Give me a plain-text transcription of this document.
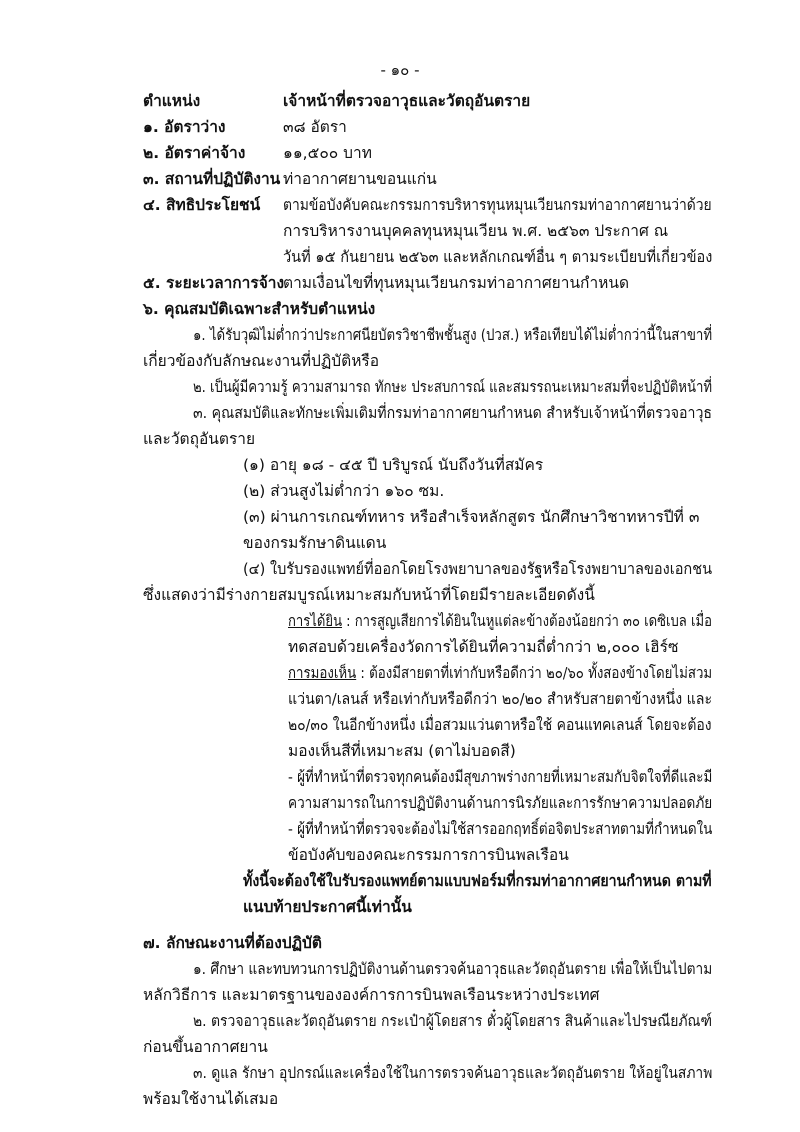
- ๑๐ -
ตำแหน่ง	เจ้าหน้าที่ตรวจอาวุธและวัตถุอันตราย
๑. อัตราว่าง	๓๘ อัตรา
๒. อัตราค่าจ้าง ๑๑,๕๐๐ บาท
๓. สถานที่ปฏิบัติงาน ท่าอากาศยานขอนแก่น
๔. สิทธิประโยชน์ ตามข้อบังคับคณะกรรมการบริหารทุนหมุนเวียนกรมท่าอากาศยานว่าด้วย
การบริหารงานบุคคลทุนหมุนเวียน พ.ศ. ๒๕๖๓ ประกาศ ณ
วันที่ ๑๕ กันยายน ๒๕๖๓ และหลักเกณฑ์อื่น ๆ ตามระเบียบที่เกี่ยวข้อง
๕. ระยะเวลาการจ้าง
ตามเงื่อนไขที่ทุนหมุนเวียนกรมท่าอากาศยานกำหนด
๖. คุณสมบัติเฉพาะสำหรับตำแหน่ง
๑. ได้รับวุฒิไม่ต่ำกว่าประกาศนียบัตรวิชาชีพชั้นสูง (ปวส.) หรือเทียบได้ไม่ต่ำกว่านี้ในสาขาที่
เกี่ยวข้องกับลักษณะงานที่ปฏิบัติหรือ
๒. เป็นผู้มีความรู้ ความสามารถ ทักษะ ประสบการณ์ และสมรรถนะเหมาะสมที่จะปฏิบัติหน้าที่
๓. คุณสมบัติและทักษะเพิ่มเติมที่กรมท่าอากาศยานกำหนด สำหรับเจ้าหน้าที่ตรวจอาวุธ
และวัตถุอันตราย
(๑) อายุ ๑๘ - ๔๕ ปี บริบูรณ์ นับถึงวันที่สมัคร
(๒) ส่วนสูงไม่ต่ำกว่า ๑๖๐ ซม.
(๓) ผ่านการเกณฑ์ทหาร หรือสำเร็จหลักสูตร นักศึกษาวิชาทหารปีที่ ๓
ของกรมรักษาดินแดน
(๔) ใบรับรองแพทย์ที่ออกโดยโรงพยาบาลของรัฐหรือโรงพยาบาลของเอกชน
ซึ่งแสดงว่ามีร่างกายสมบูรณ์เหมาะสมกับหน้าที่โดยมีรายละเอียดดังนี้
การได้ยิน : การสูญเสียการได้ยินในหูแต่ละข้างต้องน้อยกว่า ๓๐ เดซิเบล เมื่อ
ทดสอบด้วยเครื่องวัดการได้ยินที่ความถี่ต่ำกว่า ๒,๐๐๐ เฮิร์ซ
การมองเห็น : ต้องมีสายตาที่เท่ากับหรือดีกว่า ๒๐/๖๐ ทั้งสองข้างโดยไม่สวม
แว่นตา/เลนส์ หรือเท่ากับหรือดีกว่า ๒๐/๒๐ สำหรับสายตาข้างหนึ่ง และ
๒๐/๓๐ ในอีกข้างหนึ่ง เมื่อสวมแว่นตาหรือใช้ คอนแทคเลนส์ โดยจะต้อง
มองเห็นสีที่เหมาะสม (ตาไม่บอดสี)
- ผู้ที่ทำหน้าที่ตรวจทุกคนต้องมีสุขภาพร่างกายที่เหมาะสมกับจิตใจที่ดีและมี
ความสามารถในการปฏิบัติงานด้านการนิรภัยและการรักษาความปลอดภัย
- ผู้ที่ทำหน้าที่ตรวจจะต้องไม่ใช้สารออกฤทธิ์ต่อจิตประสาทตามที่กำหนดใน
ข้อบังคับของคณะกรรมการการบินพลเรือน
ทั้งนี้จะต้องใช้ใบรับรองแพทย์ตามแบบฟอร์มที่กรมท่าอากาศยานกำหนด ตามที่
แนบท้ายประกาศนี้เท่านั้น
๗. ลักษณะงานที่ต้องปฏิบัติ
๑. ศึกษา และทบทวนการปฏิบัติงานด้านตรวจค้นอาวุธและวัตถุอันตราย เพื่อให้เป็นไปตาม
หลักวิธีการ และมาตรฐานขององค์การการบินพลเรือนระหว่างประเทศ
๒. ตรวจอาวุธและวัตถุอันตราย กระเป๋าผู้โดยสาร ตั๋วผู้โดยสาร สินค้าและไปรษณียภัณฑ์
ก่อนขึ้นอากาศยาน
๓. ดูแล รักษา อุปกรณ์และเครื่องใช้ในการตรวจค้นอาวุธและวัตถุอันตราย ให้อยู่ในสภาพ
พร้อมใช้งานได้เสมอ
